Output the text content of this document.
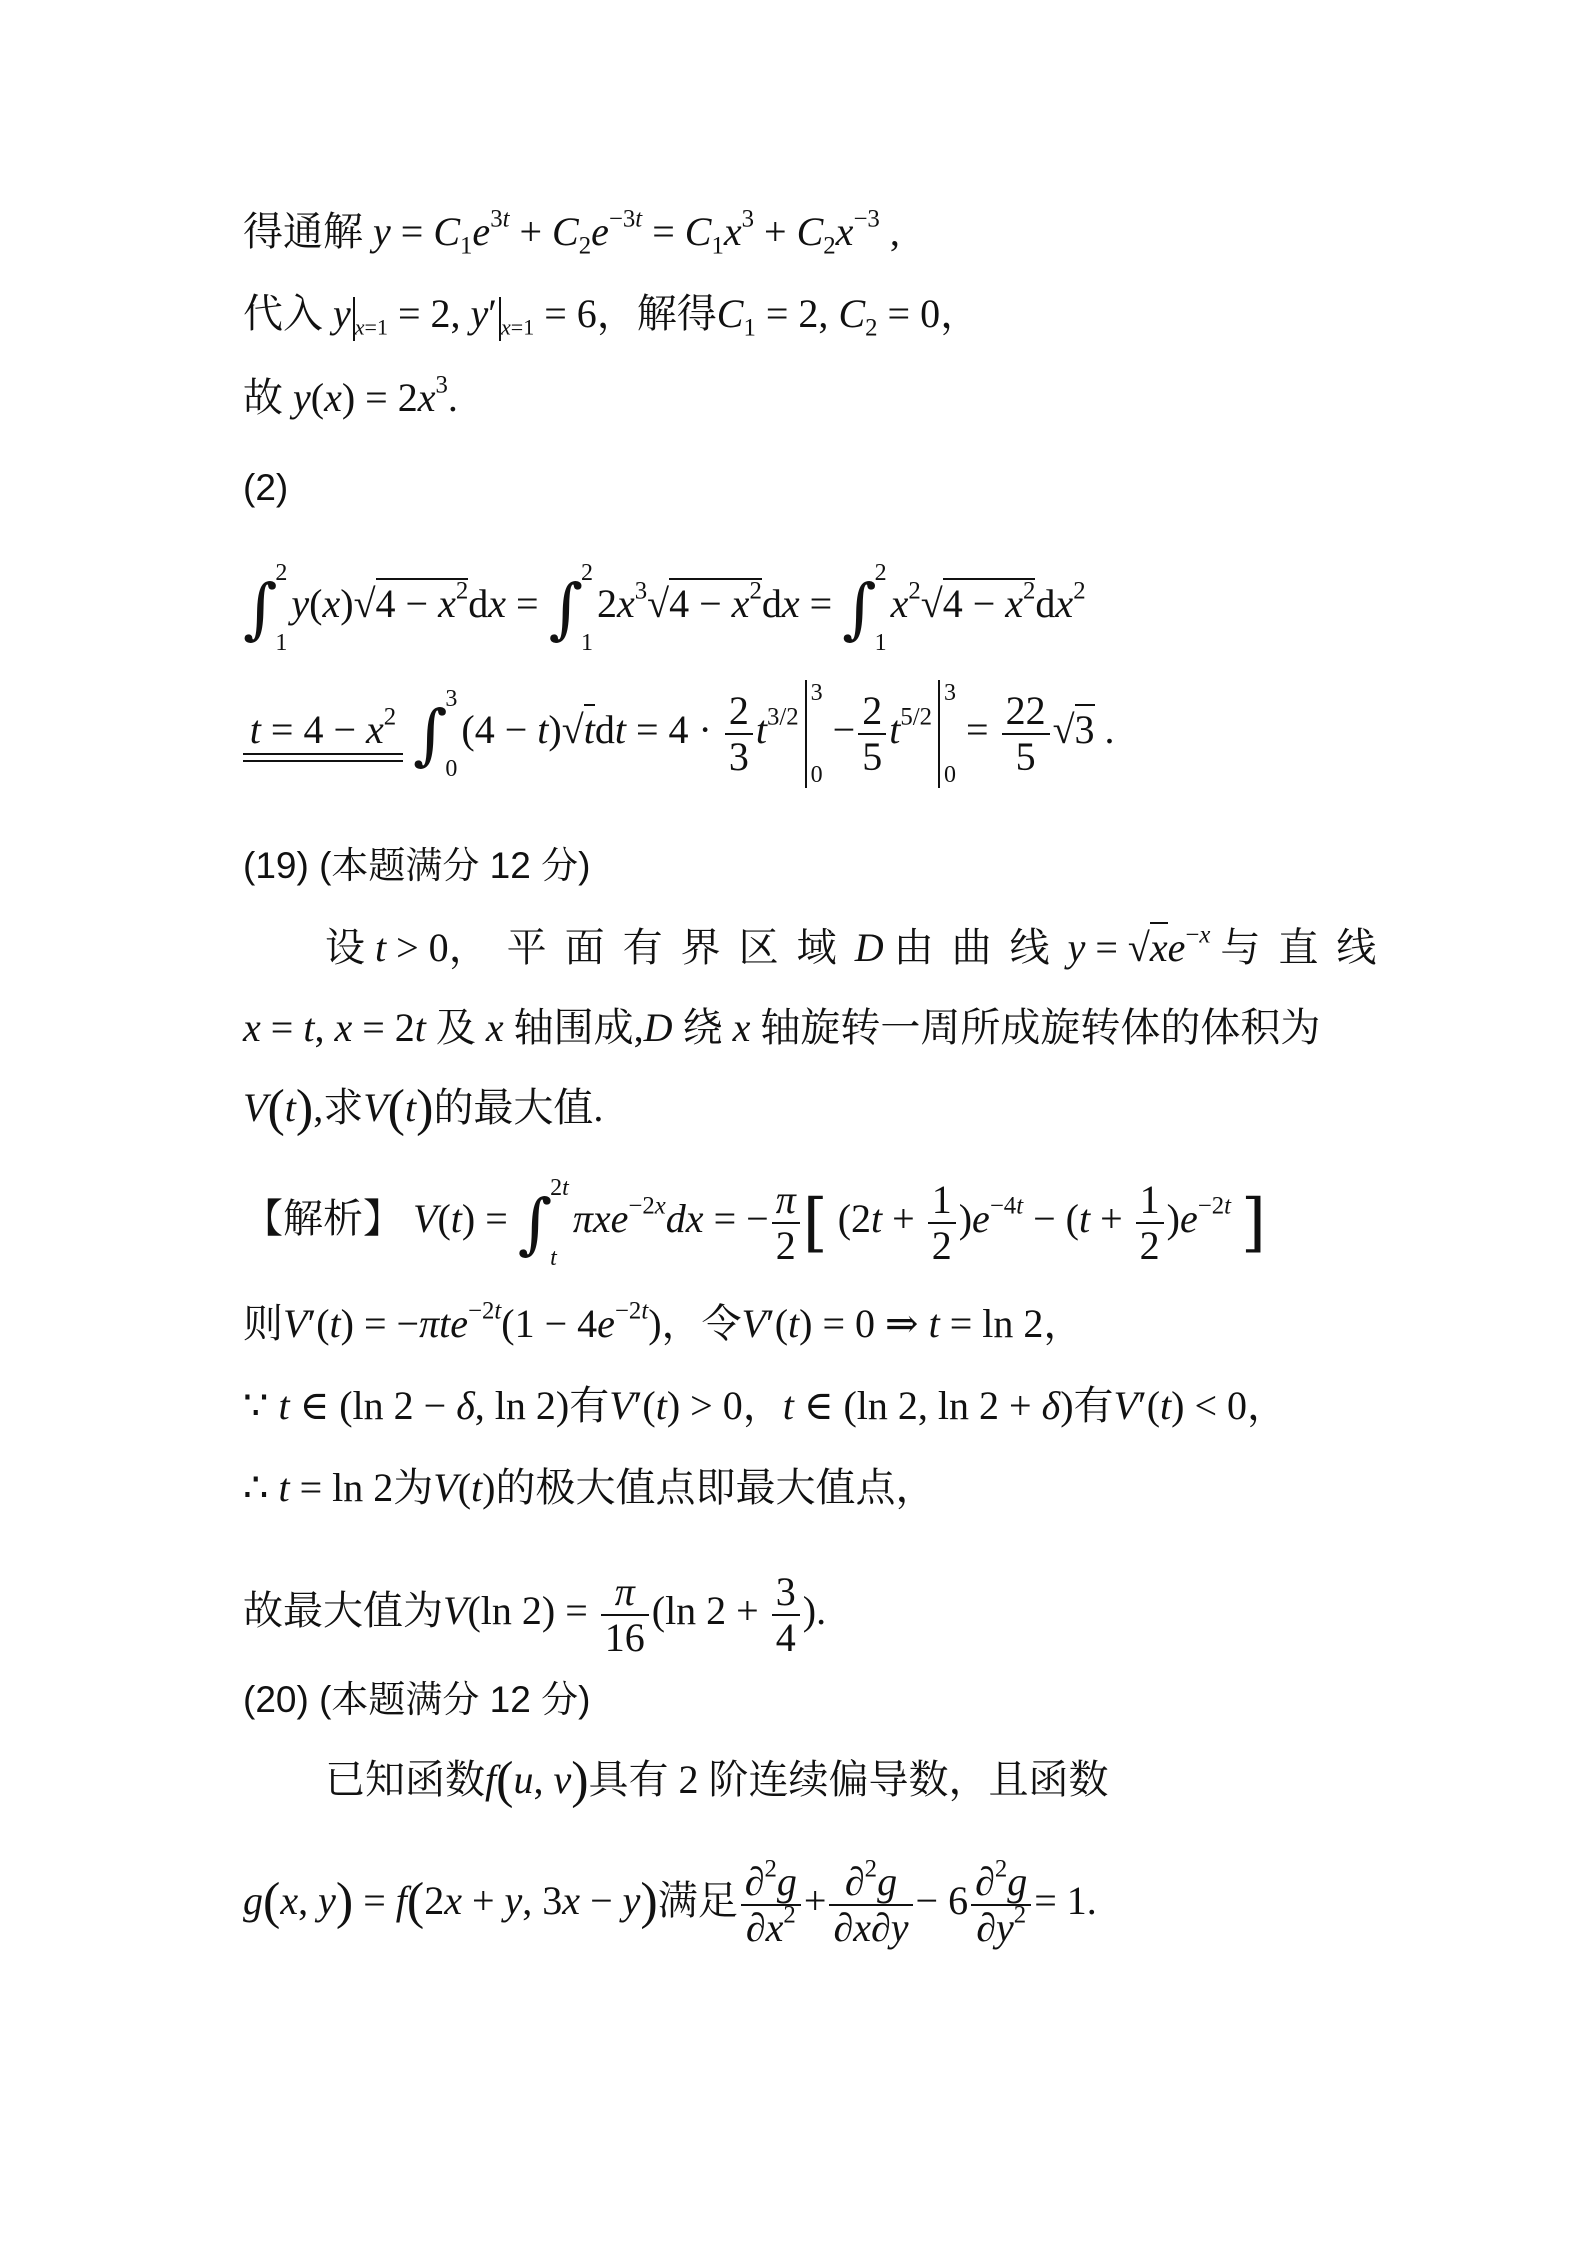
得通解 $y = C_1e^{3t} + C_2e^{-3t} = C_1x^3 + C_2x^{-3}$ ,
代入 y $_{x=1}$ = 2, y′ $_{x=1}$ = 6，解得$C_1 = 2$, $C_2 = 0$，
故 $y(x) = 2x^3$.
(2)
∫
2
1
$y(x)√4 - x^2dx$ = ∫
2
1
$2x^3√4 - x^2dx$ = ∫
2
1
$x^2√4 - x^2dx^2$
$t = 4 - x^2$ ∫
3
0
$(4 - t)√tdt = 4 \cdot \frac{2}{3} t^{3/2}$
3
0
− $\frac{2}{5} t^{5/2}$
3
0
= $\frac{22}{5} √3$ .
(19) (本题满分 12 分)
设 t > 0，平面有界区域D 由曲线$y = √xe^{-x}$ 与直线
x = t, x = 2t 及 x 轴围成,D 绕 x 轴旋转一周所成旋转体的体积为
V(t),求V(t)的最大值.
【解析】 V(t) = ∫
2t
t
πxe$^{-2x}$dx = − $\frac{\pi}{2}$ [ $(2t + \frac{1}{2} )e^{-4t} - (t + \frac{1}{2} )e^{-2t}$ ]
则$V'(t) = -\pi te^{-2t}(1 - 4e^{-2t})$，令V′(t) = 0 ⇒ t = ln 2，
∵ t ∈ (ln 2 − δ, ln 2)有V′(t) > 0，t ∈ (ln 2, ln 2 + δ)有V′(t) < 0，
∴ t = ln 2为V(t)的极大值点即最大值点，
故最大值为V(ln $2) = \frac{\pi}{16} (\ln$ $2 + \frac{3}{4}$ ).
(20) (本题满分 12 分)
已知函数f(u, v)具有 2 阶连续偏导数，且函数
g(x, y) = f(2x + y, 3x − y)满足 $\frac{\partial^2g}{\partial x^2} + \frac{\partial^2g}{\partial x\partial y} - 6 \frac{\partial^2g}{\partial y^2} = 1$.
